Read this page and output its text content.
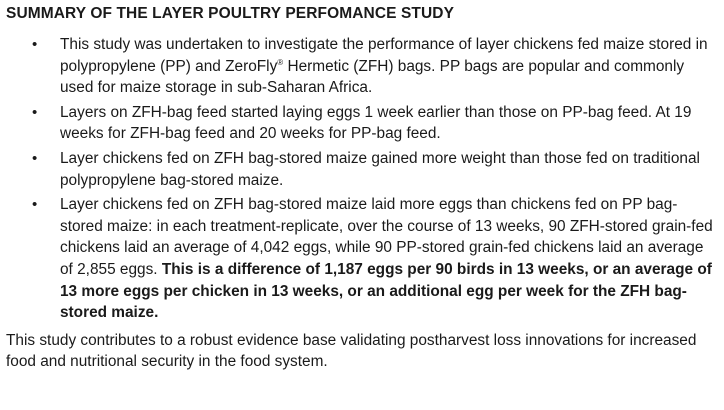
SUMMARY OF THE LAYER POULTRY PERFOMANCE STUDY
• This study was undertaken to investigate the performance of layer chickens fed maize stored in polypropylene (PP) and ZeroFly® Hermetic (ZFH) bags. PP bags are popular and commonly used for maize storage in sub-Saharan Africa.
• Layers on ZFH-bag feed started laying eggs 1 week earlier than those on PP-bag feed. At 19 weeks for ZFH-bag feed and 20 weeks for PP-bag feed.
• Layer chickens fed on ZFH bag-stored maize gained more weight than those fed on traditional polypropylene bag-stored maize.
• Layer chickens fed on ZFH bag-stored maize laid more eggs than chickens fed on PP bag-stored maize: in each treatment-replicate, over the course of 13 weeks, 90 ZFH-stored grain-fed chickens laid an average of 4,042 eggs, while 90 PP-stored grain-fed chickens laid an average of 2,855 eggs. This is a difference of 1,187 eggs per 90 birds in 13 weeks, or an average of 13 more eggs per chicken in 13 weeks, or an additional egg per week for the ZFH bag-stored maize.

This study contributes to a robust evidence base validating postharvest loss innovations for increased food and nutritional security in the food system.
